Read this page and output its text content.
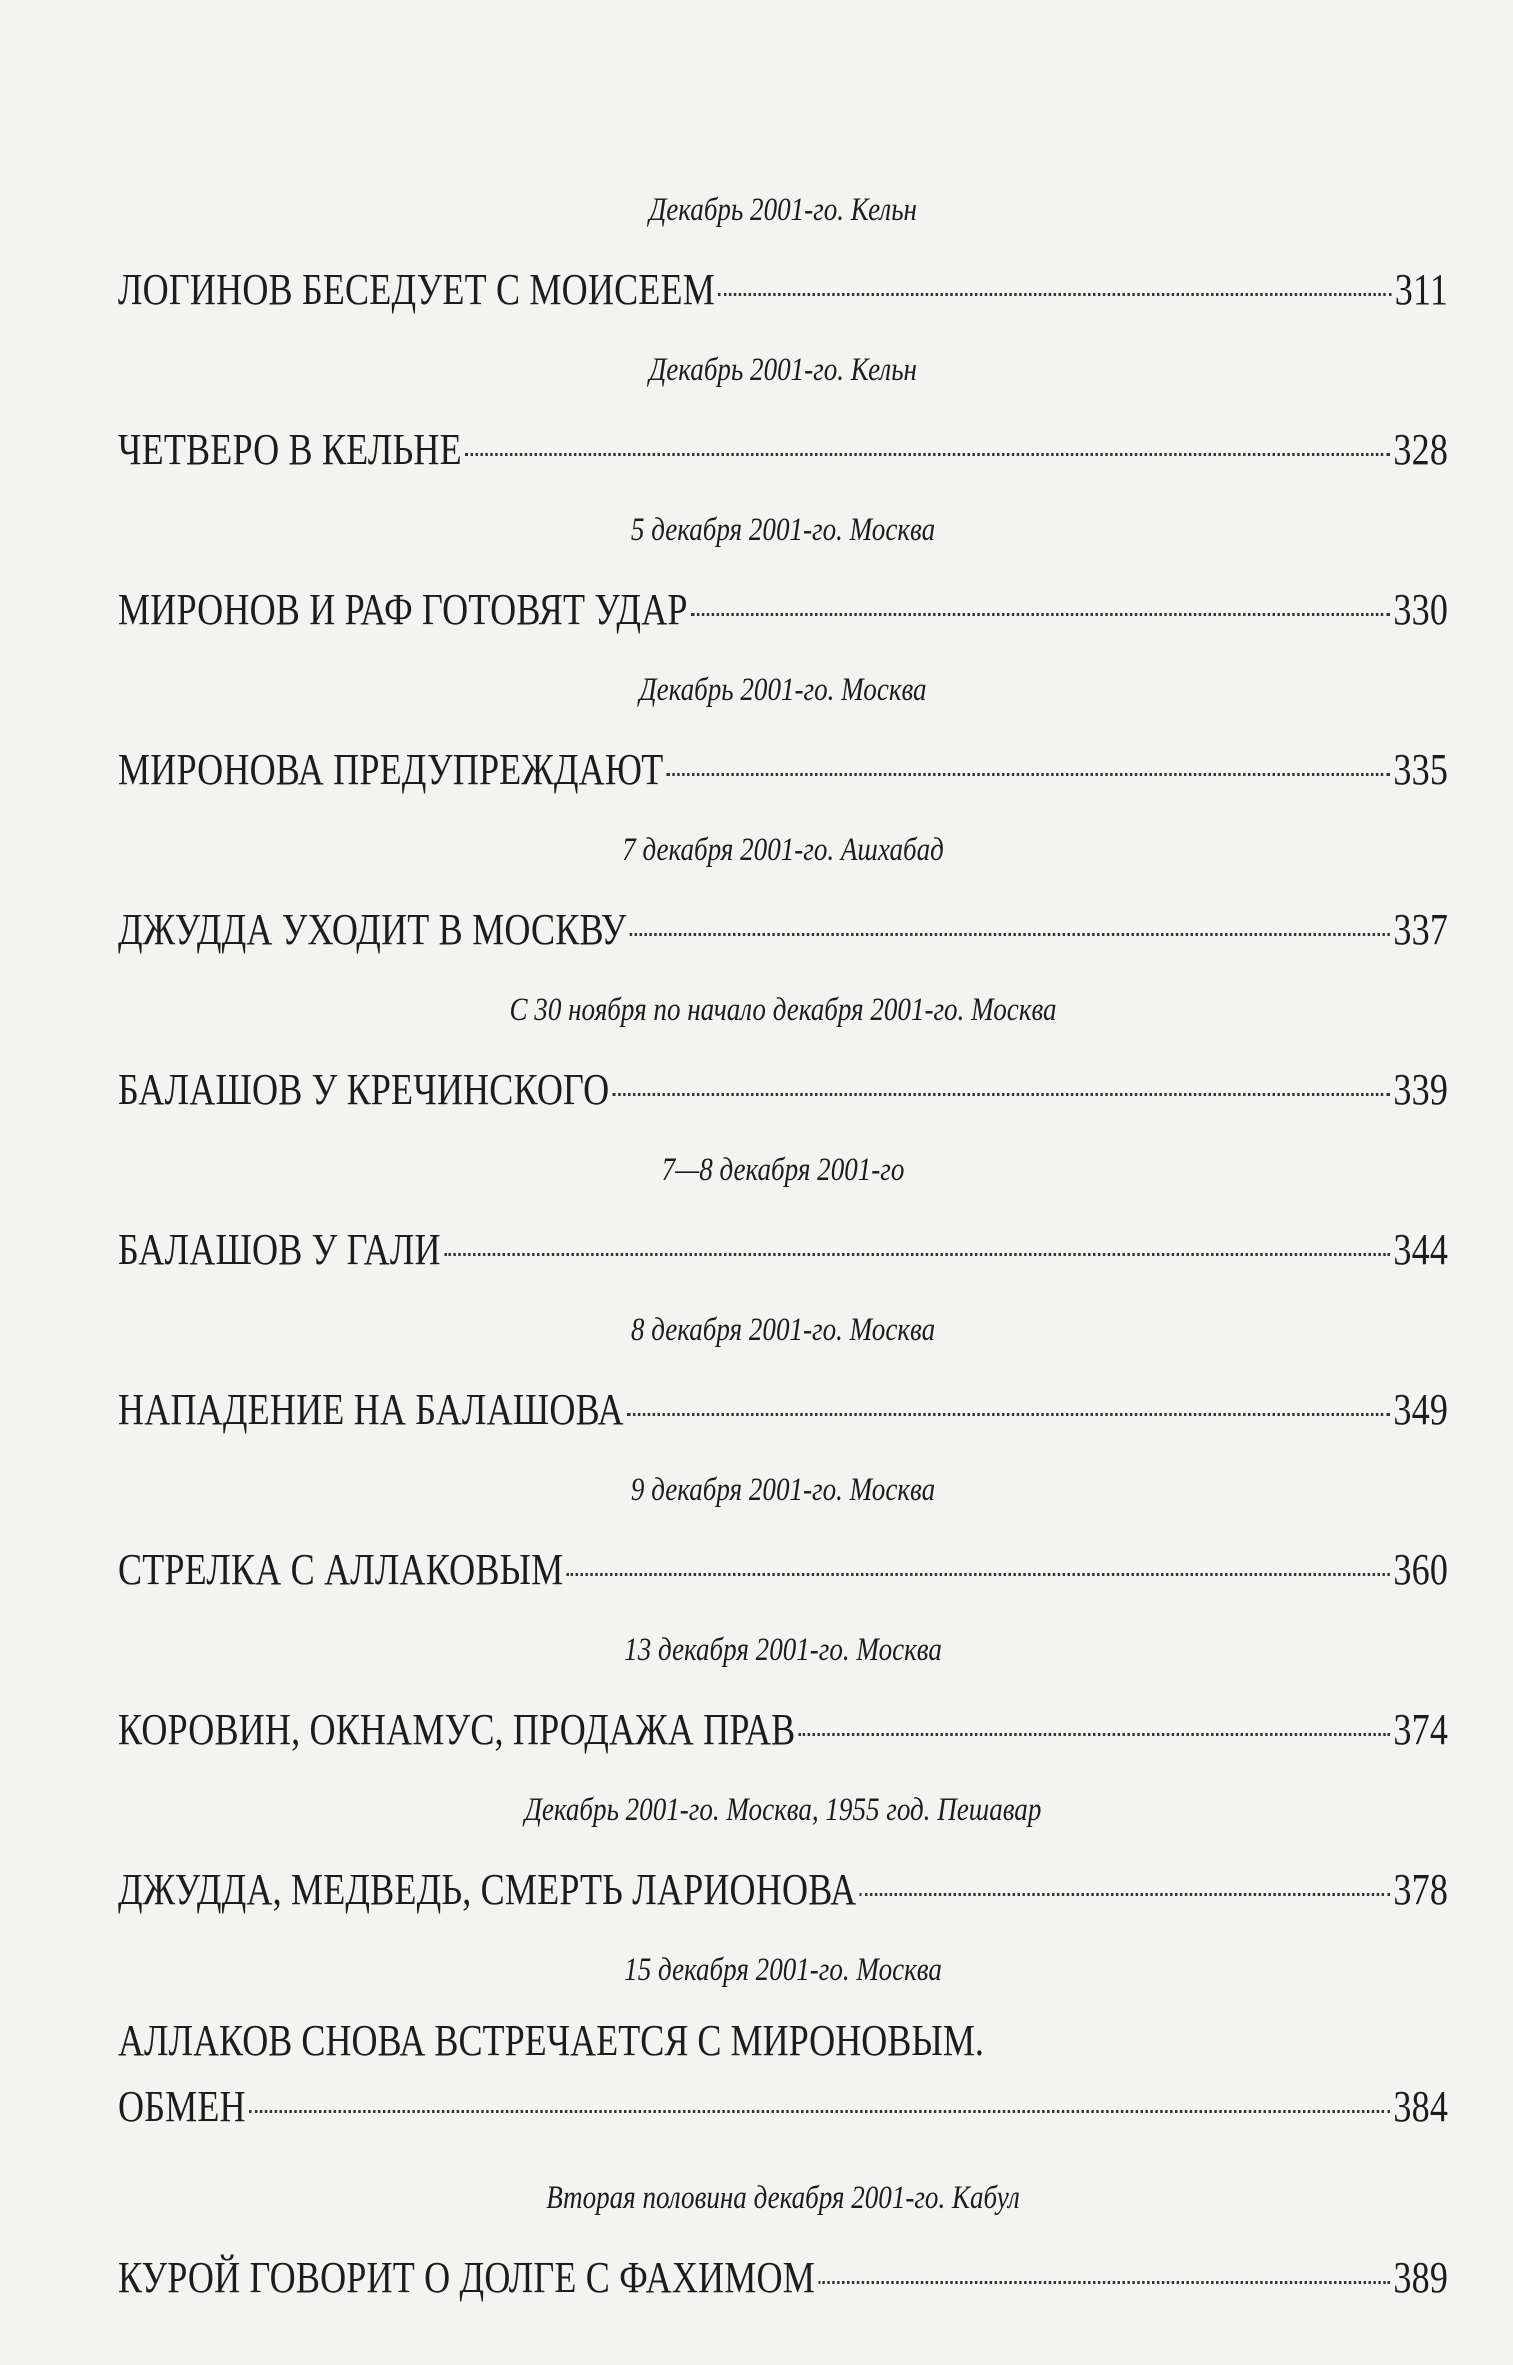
Декабрь 2001-го. Кельн
ЛОГИНОВ БЕСЕДУЕТ С МОИСЕЕМ	311
Декабрь 2001-го. Кельн
ЧЕТВЕРО В КЕЛЬНЕ	328
5 декабря 2001-го. Москва
МИРОНОВ И РАФ ГОТОВЯТ УДАР	330
Декабрь 2001-го. Москва
МИРОНОВА ПРЕДУПРЕЖДАЮТ	335
7 декабря 2001-го. Ашхабад
ДЖУДДА УХОДИТ В МОСКВУ	337
С 30 ноября по начало декабря 2001-го. Москва
БАЛАШОВ У КРЕЧИНСКОГО	339
7—8 декабря 2001-го
БАЛАШОВ У ГАЛИ	344
8 декабря 2001-го. Москва
НАПАДЕНИЕ НА БАЛАШОВА	349
9 декабря 2001-го. Москва
СТРЕЛКА С АЛЛАКОВЫМ	360
13 декабря 2001-го. Москва
КОРОВИН, ОКНАМУС, ПРОДАЖА ПРАВ	374
Декабрь 2001-го. Москва, 1955 год. Пешавар
ДЖУДДА, МЕДВЕДЬ, СМЕРТЬ ЛАРИОНОВА	378
15 декабря 2001-го. Москва
АЛЛАКОВ СНОВА ВСТРЕЧАЕТСЯ С МИРОНОВЫМ.
ОБМЕН	384
Вторая половина декабря 2001-го. Кабул
КУРОЙ ГОВОРИТ О ДОЛГЕ С ФАХИМОМ	389
